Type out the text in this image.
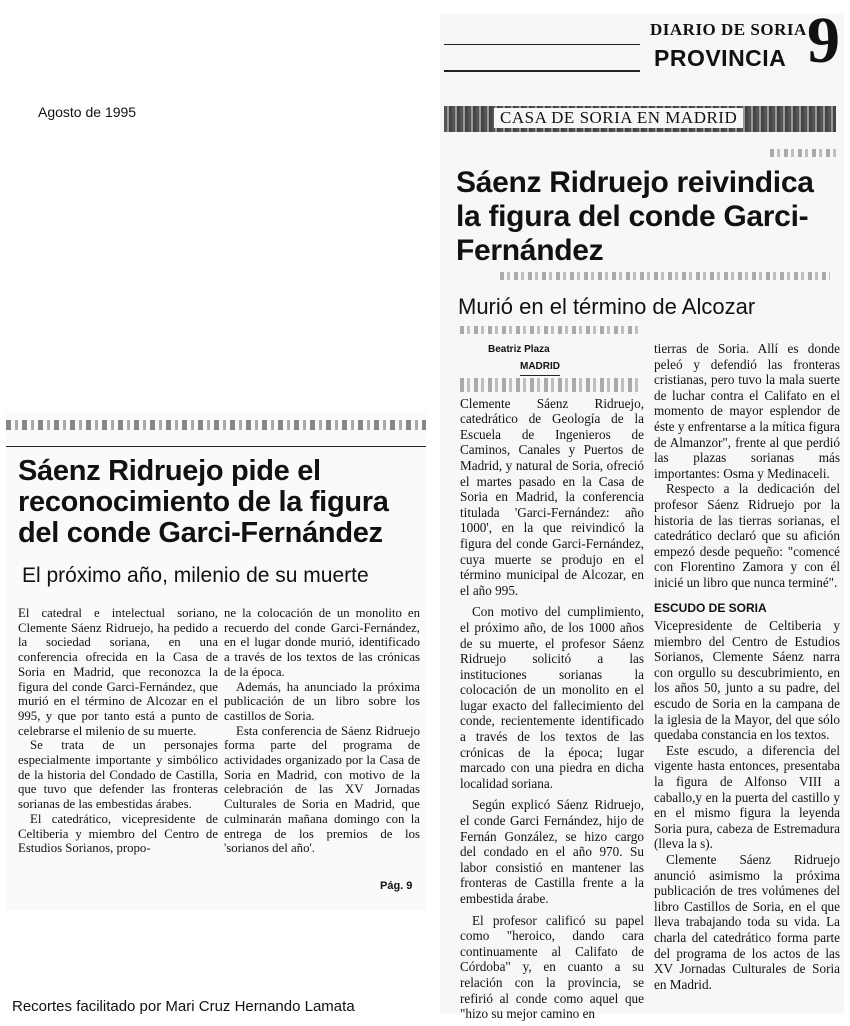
Agosto de 1995
DIARIO DE SORIA
PROVINCIA 9
CASA DE SORIA EN MADRID
Sáenz Ridruejo reivindica la figura del conde Garci-Fernández
Murió en el término de Alcozar
Beatriz Plaza
MADRID

Clemente Sáenz Ridruejo, catedrático de Geología de la Escuela de Ingenieros de Caminos, Canales y Puertos de Madrid, y natural de Soria, ofreció el martes pasado en la Casa de Soria en Madrid, la conferencia titulada 'Garci-Fernández: año 1000', en la que reivindicó la figura del conde Garci-Fernández, cuya muerte se produjo en el término municipal de Alcozar, en el año 995.

Con motivo del cumplimiento, el próximo año, de los 1000 años de su muerte, el profesor Sáenz Ridruejo solicitó a las instituciones sorianas la colocación de un monolito en el lugar exacto del fallecimiento del conde, recientemente identificado a través de los textos de las crónicas de la época; lugar marcado con una piedra en dicha localidad soriana.

Según explicó Sáenz Ridruejo, el conde Garci Fernández, hijo de Fernán González, se hizo cargo del condado en el año 970. Su labor consistió en mantener las fronteras de Castilla frente a la embestida árabe.

El profesor calificó su papel como "heroico, dando cara continuamente al Califato de Córdoba" y, en cuanto a su relación con la provincia, se refirió al conde como aquel que "hizo su mejor camino en

tierras de Soria. Allí es donde peleó y defendió las fronteras cristianas, pero tuvo la mala suerte de luchar contra el Califato en el momento de mayor esplendor de éste y enfrentarse a la mítica figura de Almanzor", frente al que perdió las plazas sorianas más importantes: Osma y Medinaceli.

Respecto a la dedicación del profesor Sáenz Ridruejo por la historia de las tierras sorianas, el catedrático declaró que su afición empezó desde pequeño: "comencé con Florentino Zamora y con él inicié un libro que nunca terminé".

ESCUDO DE SORIA

Vicepresidente de Celtiberia y miembro del Centro de Estudios Sorianos, Clemente Sáenz narra con orgullo su descubrimiento, en los años 50, junto a su padre, del escudo de Soria en la campana de la iglesia de la Mayor, del que sólo quedaba constancia en los textos.

Este escudo, a diferencia del vigente hasta entonces, presentaba la figura de Alfonso VIII a caballo,y en la puerta del castillo y en el mismo figura la leyenda Soria pura, cabeza de Estremadura (lleva la s).

Clemente Sáenz Ridruejo anunció asimismo la próxima publicación de tres volúmenes del libro Castillos de Soria, en el que lleva trabajando toda su vida. La charla del catedrático forma parte del programa de los actos de las XV Jornadas Culturales de Soria en Madrid.

Sáenz Ridruejo pide el reconocimiento de la figura del conde Garci-Fernández
El próximo año, milenio de su muerte

El catedral e intelectual soriano, Clemente Sáenz Ridruejo, ha pedido a la sociedad soriana, en una conferencia ofrecida en la Casa de Soria en Madrid, que reconozca la figura del conde Garci-Fernández, que murió en el término de Alcozar en el 995, y que por tanto está a punto de celebrarse el milenio de su muerte.

Se trata de un personajes especialmente importante y simbólico de la historia del Condado de Castilla, que tuvo que defender las fronteras sorianas de las embestidas árabes.

El catedrático, vicepresidente de Celtiberia y miembro del Centro de Estudios Sorianos, propo-

ne la colocación de un monolito en recuerdo del conde Garci-Fernández, en el lugar donde murió, identificado a través de los textos de las crónicas de la época.

Además, ha anunciado la próxima publicación de un libro sobre los castillos de Soria.

Esta conferencia de Sáenz Ridruejo forma parte del programa de actividades organizado por la Casa de Soria en Madrid, con motivo de la celebración de las XV Jornadas Culturales de Soria en Madrid, que culminarán mañana domingo con la entrega de los premios de los 'sorianos del año'.

Pág. 9
Recortes facilitado por Mari Cruz Hernando Lamata
